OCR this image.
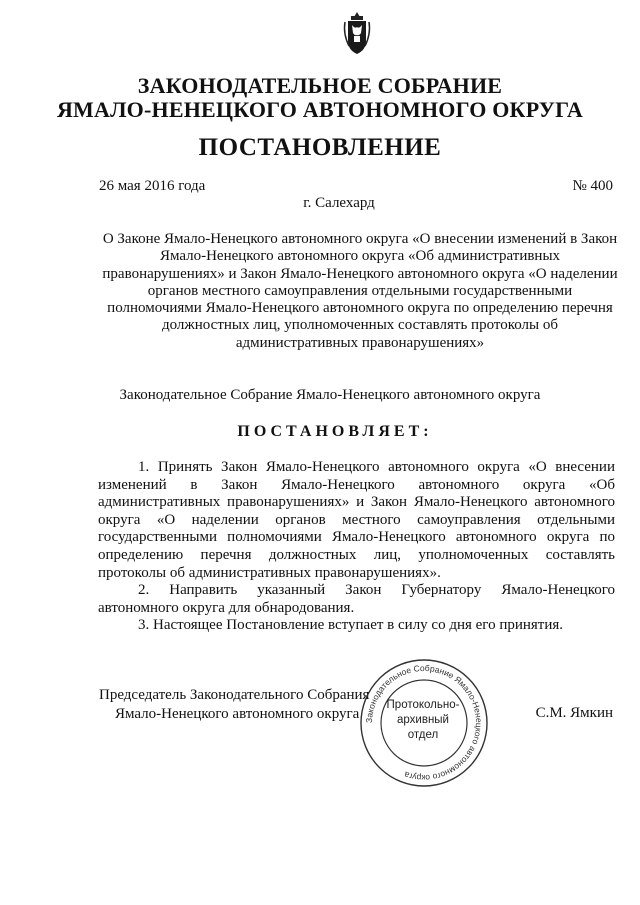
ЗАКОНОДАТЕЛЬНОЕ СОБРАНИЕ
ЯМАЛО-НЕНЕЦКОГО АВТОНОМНОГО ОКРУГА
ПОСТАНОВЛЕНИЕ
26 мая 2016 года	№ 400
г. Салехард
О Законе Ямало-Ненецкого автономного округа «О внесении изменений в Закон Ямало-Ненецкого автономного округа «Об административных правонарушениях» и Закон Ямало-Ненецкого автономного округа «О наделении органов местного самоуправления отдельными государственными полномочиями Ямало-Ненецкого автономного округа по определению перечня должностных лиц, уполномоченных составлять протоколы об административных правонарушениях»
Законодательное Собрание Ямало-Ненецкого автономного округа
ПОСТАНОВЛЯЕТ:

1. Принять Закон Ямало-Ненецкого автономного округа «О внесении изменений в Закон Ямало-Ненецкого автономного округа «Об административных правонарушениях» и Закон Ямало-Ненецкого автономного округа «О наделении органов местного самоуправления отдельными государственными полномочиями Ямало-Ненецкого автономного округа по определению перечня должностных лиц, уполномоченных составлять протоколы об административных правонарушениях».

2. Направить указанный Закон Губернатору Ямало-Ненецкого автономного округа для обнародования.

3. Настоящее Постановление вступает в силу со дня его принятия.

Председатель Законодательного Собрания
Ямало-Ненецкого автономного округа	С.М. Ямкин
Законодательное Собрание Ямало-Ненецкого автономного округа
Протокольно-
архивный
отдел
